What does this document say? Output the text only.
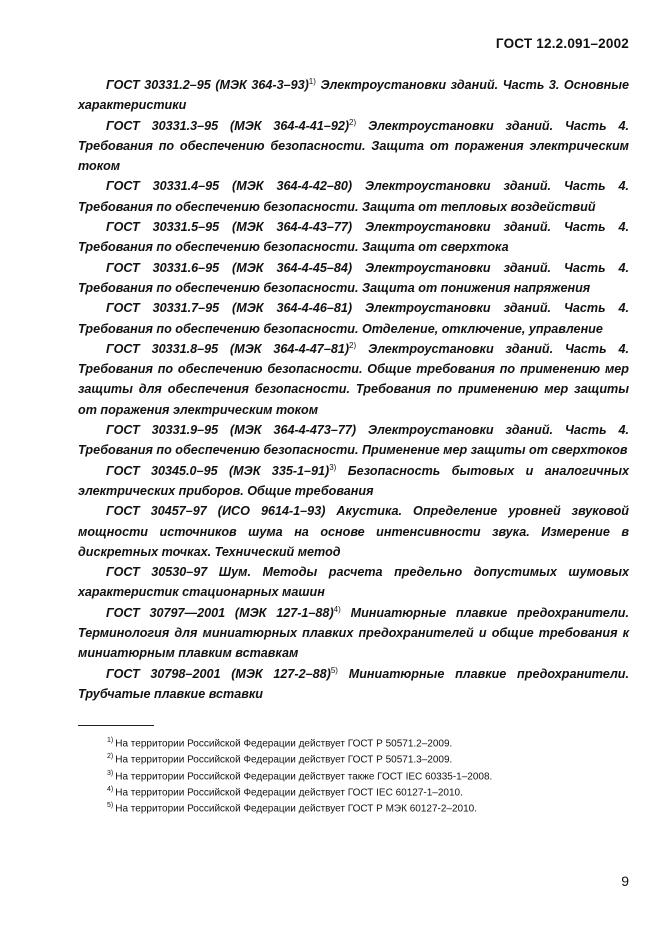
ГОСТ 12.2.091–2002

ГОСТ 30331.2–95 (МЭК 364-3–93)$^{1)}$ Электроустановки зданий. Часть 3. Основные характеристики

ГОСТ 30331.3–95 (МЭК 364-4-41–92)$^{2)}$ Электроустановки зданий. Часть 4. Требования по обеспечению безопасности. Защита от поражения электрическим током

ГОСТ 30331.4–95 (МЭК 364-4-42–80) Электроустановки зданий. Часть 4. Требования по обеспечению безопасности. Защита от тепловых воздействий

ГОСТ 30331.5–95 (МЭК 364-4-43–77) Электроустановки зданий. Часть 4. Требования по обеспечению безопасности. Защита от сверхтока

ГОСТ 30331.6–95 (МЭК 364-4-45–84) Электроустановки зданий. Часть 4. Требования по обеспечению безопасности. Защита от понижения напряжения

ГОСТ 30331.7–95 (МЭК 364-4-46–81) Электроустановки зданий. Часть 4. Требования по обеспечению безопасности. Отделение, отключение, управление

ГОСТ 30331.8–95 (МЭК 364-4-47–81)$^{2)}$ Электроустановки зданий. Часть 4. Требования по обеспечению безопасности. Общие требования по применению мер защиты для обеспечения безопасности. Требования по применению мер защиты от поражения электрическим током

ГОСТ 30331.9–95 (МЭК 364-4-473–77) Электроустановки зданий. Часть 4. Требования по обеспечению безопасности. Применение мер защиты от сверхтоков

ГОСТ 30345.0–95 (МЭК 335-1–91)$^{3)}$ Безопасность бытовых и аналогичных электрических приборов. Общие требования

ГОСТ 30457–97 (ИСО 9614-1–93) Акустика. Определение уровней звуковой мощности источников шума на основе интенсивности звука. Измерение в дискретных точках. Технический метод

ГОСТ 30530–97 Шум. Методы расчета предельно допустимых шумовых характеристик стационарных машин

ГОСТ 30797—2001 (МЭК 127-1–88)$^{4)}$ Миниатюрные плавкие предохранители. Терминология для миниатюрных плавких предохранителей и общие требования к миниатюрным плавким вставкам

ГОСТ 30798–2001 (МЭК 127-2–88)$^{5)}$ Миниатюрные плавкие предохранители. Трубчатые плавкие вставки

$^{1)}$ На территории Российской Федерации действует ГОСТ Р 50571.2–2009.
$^{2)}$ На территории Российской Федерации действует ГОСТ Р 50571.3–2009.
$^{3)}$ На территории Российской Федерации действует также ГОСТ IEC 60335-1–2008.
$^{4)}$ На территории Российской Федерации действует ГОСТ IEC 60127-1–2010.
$^{5)}$ На территории Российской Федерации действует ГОСТ Р МЭК 60127-2–2010.
9
